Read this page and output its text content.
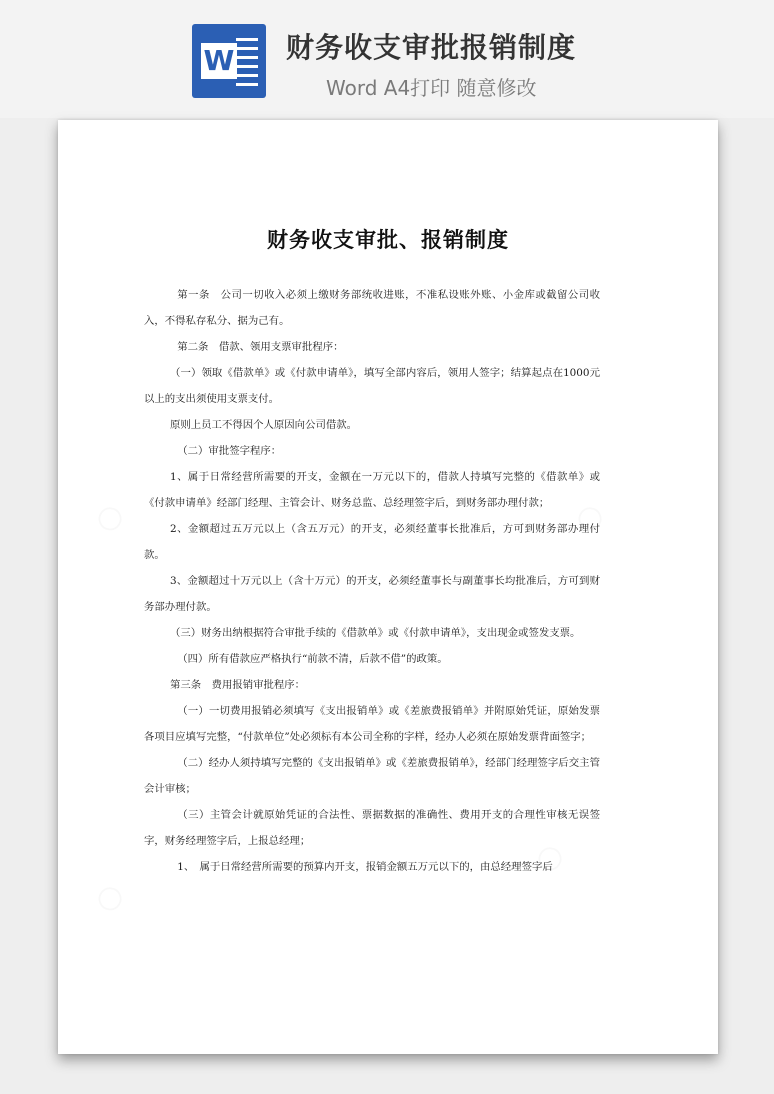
W 财务收支审批报销制度
Word A4打印 随意修改
○	○
○
○
财务收支审批、报销制度

第一条　公司一切收入必须上缴财务部统收进账，不准私设账外账、小金库或截留公司收入，不得私存私分、据为己有。

第二条　借款、领用支票审批程序：

（一）领取《借款单》或《付款申请单》，填写全部内容后，领用人签字；结算起点在1000元以上的支出须使用支票支付。

原则上员工不得因个人原因向公司借款。

（二）审批签字程序：

1、属于日常经营所需要的开支，金额在一万元以下的，借款人持填写完整的《借款单》或《付款申请单》经部门经理、主管会计、财务总监、总经理签字后，到财务部办理付款；

2、金额超过五万元以上（含五万元）的开支，必须经董事长批准后，方可到财务部办理付款。

3、金额超过十万元以上（含十万元）的开支，必须经董事长与副董事长均批准后，方可到财务部办理付款。

（三）财务出纳根据符合审批手续的《借款单》或《付款申请单》，支出现金或签发支票。

（四）所有借款应严格执行“前款不清，后款不借”的政策。

第三条　费用报销审批程序：

（一）一切费用报销必须填写《支出报销单》或《差旅费报销单》并附原始凭证，原始发票各项目应填写完整，“付款单位”处必须标有本公司全称的字样，经办人必须在原始发票背面签字；

（二）经办人须持填写完整的《支出报销单》或《差旅费报销单》，经部门经理签字后交主管会计审核；

（三）主管会计就原始凭证的合法性、票据数据的准确性、费用开支的合理性审核无误签字，财务经理签字后，上报总经理；

1、　属于日常经营所需要的预算内开支，报销金额五万元以下的，由总经理签字后
